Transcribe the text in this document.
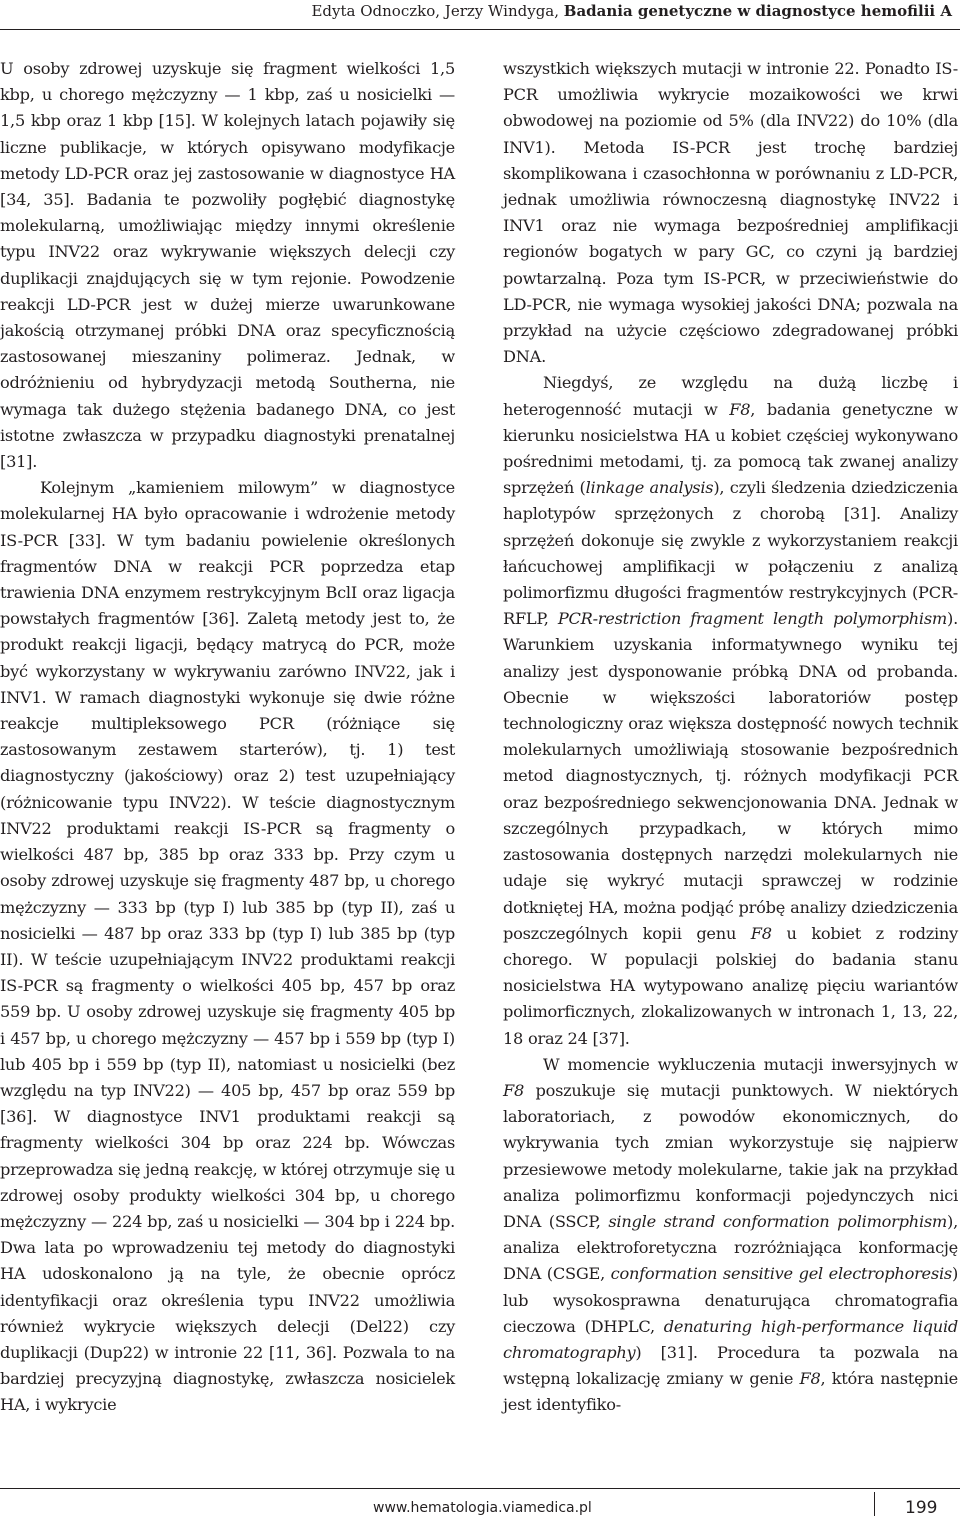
Edyta Odnoczko, Jerzy Windyga, Badania genetyczne w diagnostyce hemofilii A

U osoby zdrowej uzyskuje się fragment wielkości 1,5 kbp, u chorego mężczyzny — 1 kbp, zaś u nosicielki — 1,5 kbp oraz 1 kbp [15]. W kolejnych latach pojawiły się liczne publikacje, w których opisywano modyfikacje metody LD-PCR oraz jej zastosowanie w diagnostyce HA [34, 35]. Badania te pozwoliły pogłębić diagnostykę molekularną, umożliwiając między innymi określenie typu INV22 oraz wykrywanie większych delecji czy duplikacji znajdujących się w tym rejonie. Powodzenie reakcji LD-PCR jest w dużej mierze uwarunkowane jakością otrzymanej próbki DNA oraz specyficznością zastosowanej mieszaniny polimeraz. Jednak, w odróżnieniu od hybrydyzacji metodą Southerna, nie wymaga tak dużego stężenia badanego DNA, co jest istotne zwłaszcza w przypadku diagnostyki prenatalnej [31].

Kolejnym „kamieniem milowym” w diagnostyce molekularnej HA było opracowanie i wdrożenie metody IS-PCR [33]. W tym badaniu powielenie określonych fragmentów DNA w reakcji PCR poprzedza etap trawienia DNA enzymem restrykcyjnym BclI oraz ligacja powstałych fragmentów [36]. Zaletą metody jest to, że produkt reakcji ligacji, będący matrycą do PCR, może być wykorzystany w wykrywaniu zarówno INV22, jak i INV1. W ramach diagnostyki wykonuje się dwie różne reakcje multipleksowego PCR (różniące się zastosowanym zestawem starterów), tj. 1) test diagnostyczny (jakościowy) oraz 2) test uzupełniający (różnicowanie typu INV22). W teście diagnostycznym INV22 produktami reakcji IS-PCR są fragmenty o wielkości 487 bp, 385 bp oraz 333 bp. Przy czym u osoby zdrowej uzyskuje się fragmenty 487 bp, u chorego mężczyzny — 333 bp (typ I) lub 385 bp (typ II), zaś u nosicielki — 487 bp oraz 333 bp (typ I) lub 385 bp (typ II). W teście uzupełniającym INV22 produktami reakcji IS-PCR są fragmenty o wielkości 405 bp, 457 bp oraz 559 bp. U osoby zdrowej uzyskuje się fragmenty 405 bp i 457 bp, u chorego mężczyzny — 457 bp i 559 bp (typ I) lub 405 bp i 559 bp (typ II), natomiast u nosicielki (bez względu na typ INV22) — 405 bp, 457 bp oraz 559 bp [36]. W diagnostyce INV1 produktami reakcji są fragmenty wielkości 304 bp oraz 224 bp. Wówczas przeprowadza się jedną reakcję, w której otrzymuje się u zdrowej osoby produkty wielkości 304 bp, u chorego mężczyzny — 224 bp, zaś u nosicielki — 304 bp i 224 bp. Dwa lata po wprowadzeniu tej metody do diagnostyki HA udoskonalono ją na tyle, że obecnie oprócz identyfikacji oraz określenia typu INV22 umożliwia również wykrycie większych delecji (Del22) czy duplikacji (Dup22) w intronie 22 [11, 36]. Pozwala to na bardziej precyzyjną diagnostykę, zwłaszcza nosicielek HA, i wykrycie

wszystkich większych mutacji w intronie 22. Ponadto IS-PCR umożliwia wykrycie mozaikowości we krwi obwodowej na poziomie od 5% (dla INV22) do 10% (dla INV1). Metoda IS-PCR jest trochę bardziej skomplikowana i czasochłonna w porównaniu z LD-PCR, jednak umożliwia równoczesną diagnostykę INV22 i INV1 oraz nie wymaga bezpośredniej amplifikacji regionów bogatych w pary GC, co czyni ją bardziej powtarzalną. Poza tym IS-PCR, w przeciwieństwie do LD-PCR, nie wymaga wysokiej jakości DNA; pozwala na przykład na użycie częściowo zdegradowanej próbki DNA.

Niegdyś, ze względu na dużą liczbę i heterogenność mutacji w F8, badania genetyczne w kierunku nosicielstwa HA u kobiet częściej wykonywano pośrednimi metodami, tj. za pomocą tak zwanej analizy sprzężeń (linkage analysis), czyli śledzenia dziedziczenia haplotypów sprzężonych z chorobą [31]. Analizy sprzężeń dokonuje się zwykle z wykorzystaniem reakcji łańcuchowej amplifikacji w połączeniu z analizą polimorfizmu długości fragmentów restrykcyjnych (PCR-RFLP, PCR-restriction fragment length polymorphism). Warunkiem uzyskania informatywnego wyniku tej analizy jest dysponowanie próbką DNA od probanda. Obecnie w większości laboratoriów postęp technologiczny oraz większa dostępność nowych technik molekularnych umożliwiają stosowanie bezpośrednich metod diagnostycznych, tj. różnych modyfikacji PCR oraz bezpośredniego sekwencjonowania DNA. Jednak w szczególnych przypadkach, w których mimo zastosowania dostępnych narzędzi molekularnych nie udaje się wykryć mutacji sprawczej w rodzinie dotkniętej HA, można podjąć próbę analizy dziedziczenia poszczególnych kopii genu F8 u kobiet z rodziny chorego. W populacji polskiej do badania stanu nosicielstwa HA wytypowano analizę pięciu wariantów polimorficznych, zlokalizowanych w intronach 1, 13, 22, 18 oraz 24 [37].

W momencie wykluczenia mutacji inwersyjnych w F8 poszukuje się mutacji punktowych. W niektórych laboratoriach, z powodów ekonomicznych, do wykrywania tych zmian wykorzystuje się najpierw przesiewowe metody molekularne, takie jak na przykład analiza polimorfizmu konformacji pojedynczych nici DNA (SSCP, single strand conformation polimorphism), analiza elektroforetyczna rozróżniająca konformację DNA (CSGE, conformation sensitive gel electrophoresis) lub wysokosprawna denaturująca chromatografia cieczowa (DHPLC, denaturing high-performance liquid chromatography) [31]. Procedura ta pozwala na wstępną lokalizację zmiany w genie F8, która następnie jest identyfiko-

www.hematologia.viamedica.pl	199
